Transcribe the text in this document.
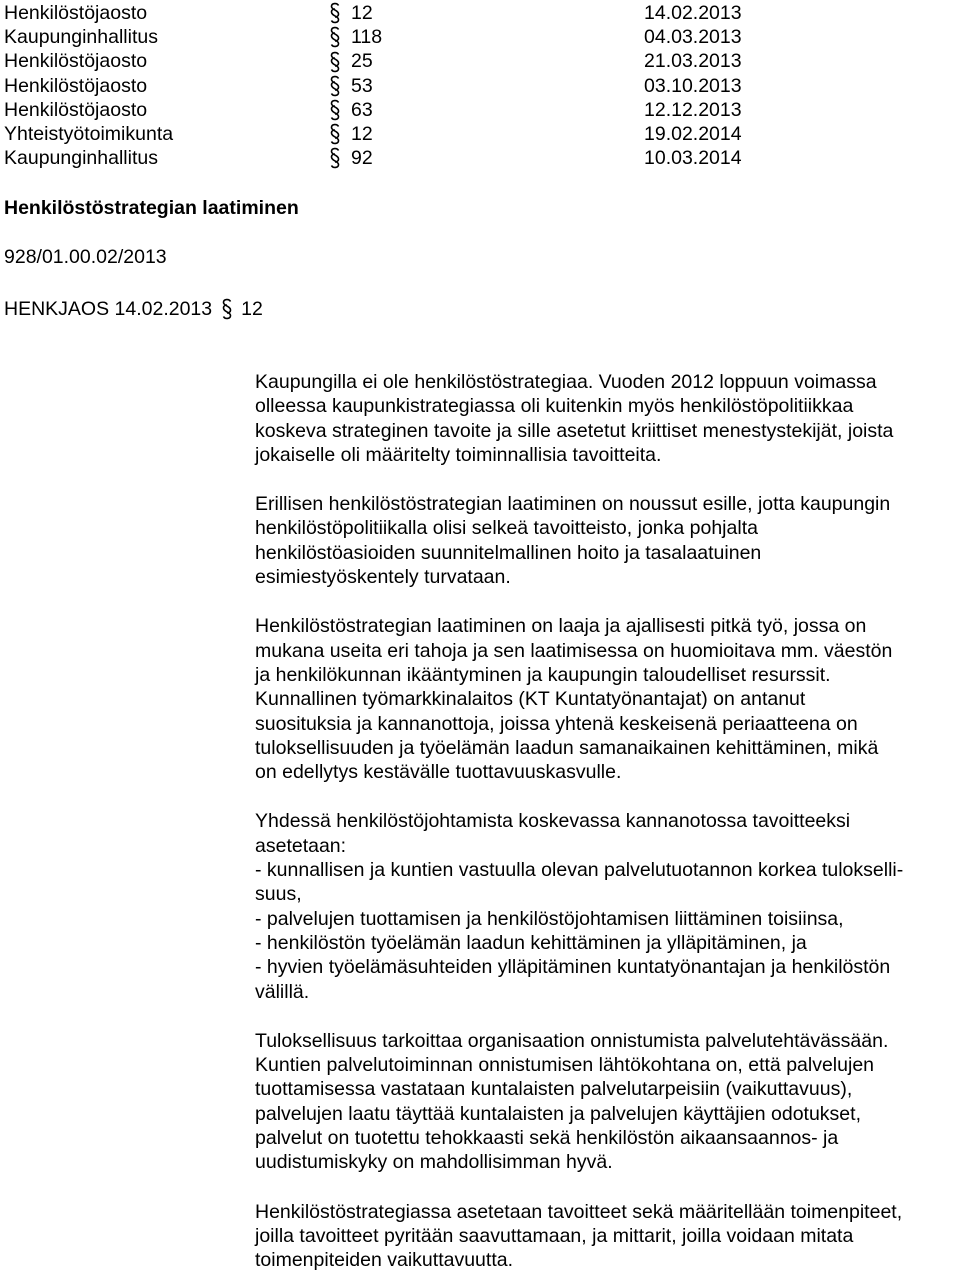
Henkilöstöjaosto	12	14.02.2013
Kaupunginhallitus	118	04.03.2013
Henkilöstöjaosto	25	21.03.2013
Henkilöstöjaosto	53	03.10.2013
Henkilöstöjaosto	63	12.12.2013
Yhteistyötoimikunta	12	19.02.2014
Kaupunginhallitus	92	10.03.2014
Henkilöstöstrategian laatiminen
928/01.00.02/2013
HENKJAOS 14.02.2013 12

Kaupungilla ei ole henkilöstöstrategiaa. Vuoden 2012 loppuun voimassa
olleessa kaupunkistrategiassa oli kuitenkin myös henkilöstöpolitiikkaa
koskeva strateginen tavoite ja sille asetetut kriittiset menestystekijät, joista
jokaiselle oli määritelty toiminnallisia tavoitteita.

Erillisen henkilöstöstrategian laatiminen on noussut esille, jotta kaupungin
henkilöstöpolitiikalla olisi selkeä tavoitteisto, jonka pohjalta
henkilöstöasioiden suunnitelmallinen hoito ja tasalaatuinen
esimiestyöskentely turvataan.

Henkilöstöstrategian laatiminen on laaja ja ajallisesti pitkä työ, jossa on
mukana useita eri tahoja ja sen laatimisessa on huomioitava mm. väestön
ja henkilökunnan ikääntyminen ja kaupungin taloudelliset resurssit.
Kunnallinen työmarkkinalaitos (KT Kuntatyönantajat) on antanut
suosituksia ja kannanottoja, joissa yhtenä keskeisenä periaatteena on
tuloksellisuuden ja työelämän laadun samanaikainen kehittäminen, mikä
on edellytys kestävälle tuottavuuskasvulle.

Yhdessä henkilöstöjohtamista koskevassa kannanotossa tavoitteeksi
asetetaan:
- kunnallisen ja kuntien vastuulla olevan palvelutuotannon korkea tulokselli-
suus,
- palvelujen tuottamisen ja henkilöstöjohtamisen liittäminen toisiinsa,
- henkilöstön työelämän laadun kehittäminen ja ylläpitäminen, ja
- hyvien työelämäsuhteiden ylläpitäminen kuntatyönantajan ja henkilöstön
välillä.

Tuloksellisuus tarkoittaa organisaation onnistumista palvelutehtävässään.
Kuntien palvelutoiminnan onnistumisen lähtökohtana on, että palvelujen
tuottamisessa vastataan kuntalaisten palvelutarpeisiin (vaikuttavuus),
palvelujen laatu täyttää kuntalaisten ja palvelujen käyttäjien odotukset,
palvelut on tuotettu tehokkaasti sekä henkilöstön aikaansaannos- ja
uudistumiskyky on mahdollisimman hyvä.

Henkilöstöstrategiassa asetetaan tavoitteet sekä määritellään toimenpiteet,
joilla tavoitteet pyritään saavuttamaan, ja mittarit, joilla voidaan mitata
toimenpiteiden vaikuttavuutta.
